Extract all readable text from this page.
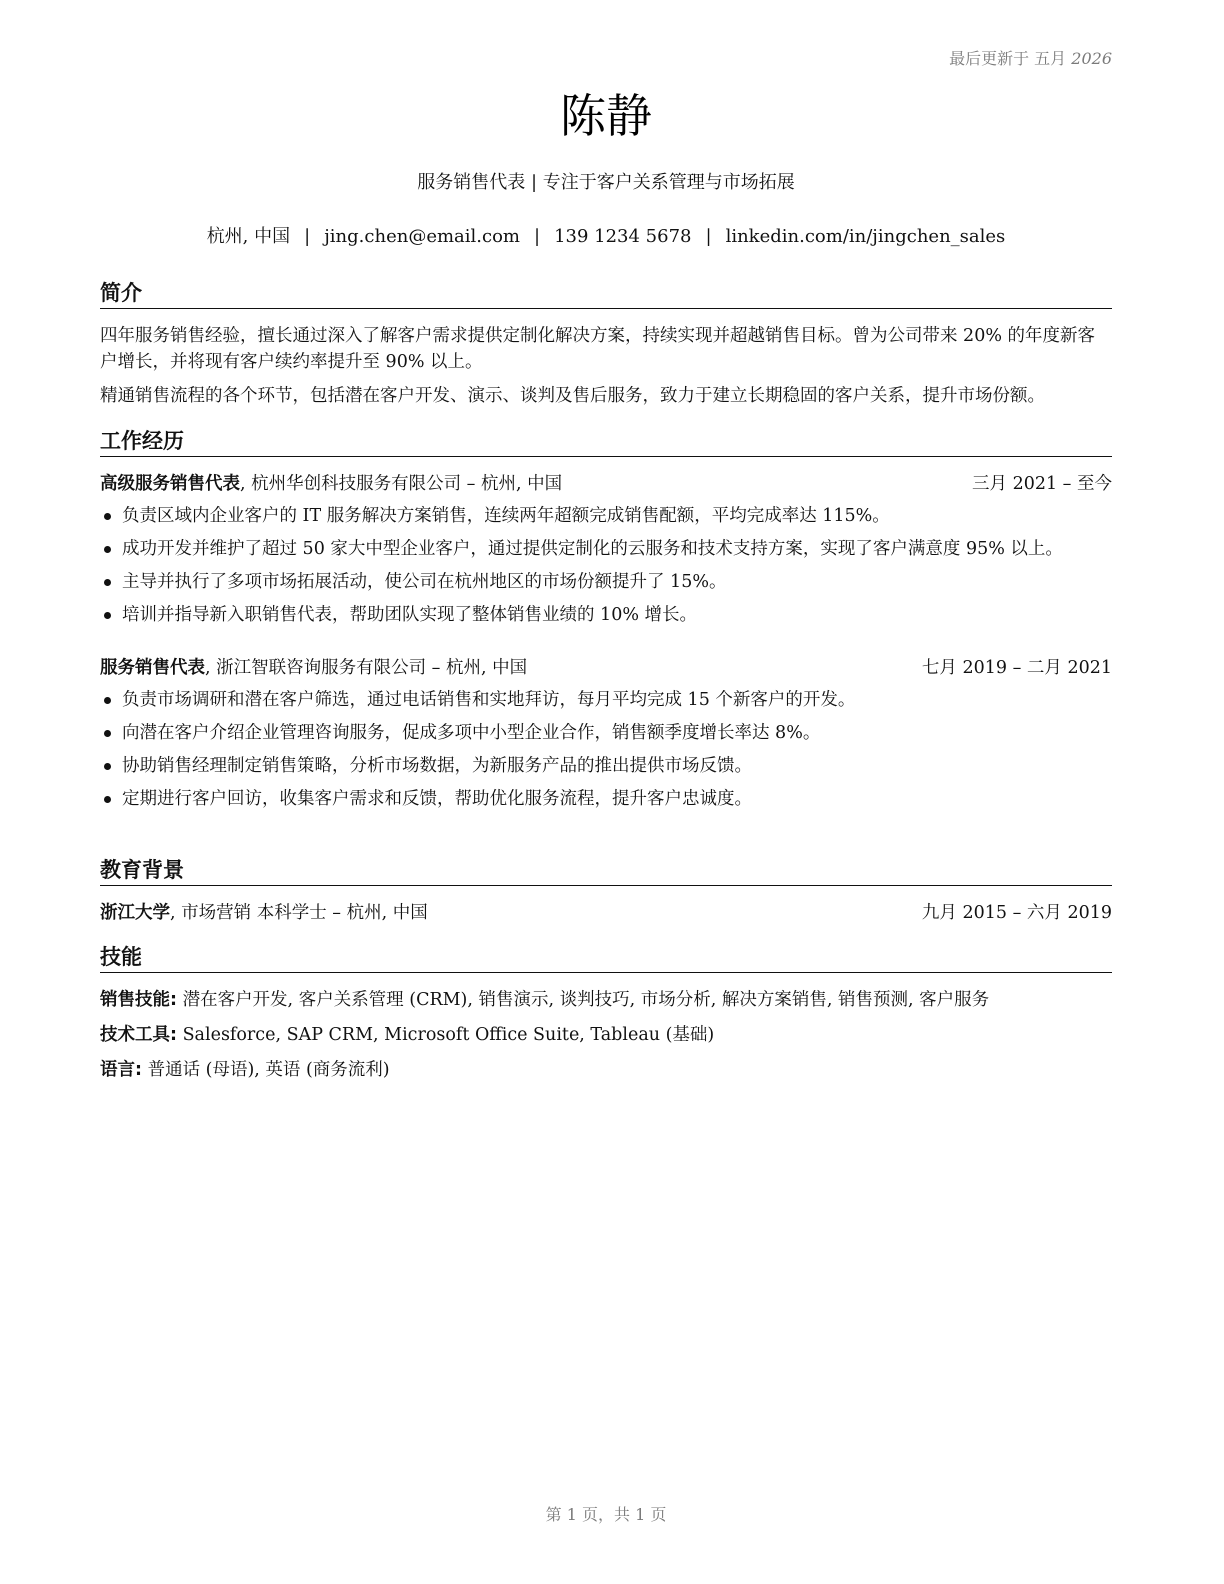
最后更新于 五月 2026
陈静
服务销售代表 | 专注于客户关系管理与市场拓展
杭州, 中国 | jing.chen@email.com | 139 1234 5678 | linkedin.com/in/jingchen_sales
简介

四年服务销售经验，擅长通过深入了解客户需求提供定制化解决方案，持续实现并超越销售目标。曾为公司带来 20% 的年度新客户增长，并将现有客户续约率提升至 90% 以上。

精通销售流程的各个环节，包括潜在客户开发、演示、谈判及售后服务，致力于建立长期稳固的客户关系，提升市场份额。

工作经历
高级服务销售代表, 杭州华创科技服务有限公司 – 杭州, 中国	三月 2021 – 至今
负责区域内企业客户的 IT 服务解决方案销售，连续两年超额完成销售配额，平均完成率达 115%。
成功开发并维护了超过 50 家大中型企业客户，通过提供定制化的云服务和技术支持方案，实现了客户满意度 95% 以上。
主导并执行了多项市场拓展活动，使公司在杭州地区的市场份额提升了 15%。
培训并指导新入职销售代表，帮助团队实现了整体销售业绩的 10% 增长。
服务销售代表, 浙江智联咨询服务有限公司 – 杭州, 中国	七月 2019 – 二月 2021
负责市场调研和潜在客户筛选，通过电话销售和实地拜访，每月平均完成 15 个新客户的开发。
向潜在客户介绍企业管理咨询服务，促成多项中小型企业合作，销售额季度增长率达 8%。
协助销售经理制定销售策略，分析市场数据，为新服务产品的推出提供市场反馈。
定期进行客户回访，收集客户需求和反馈，帮助优化服务流程，提升客户忠诚度。
教育背景
浙江大学, 市场营销 本科学士 – 杭州, 中国	九月 2015 – 六月 2019
技能

销售技能: 潜在客户开发, 客户关系管理 (CRM), 销售演示, 谈判技巧, 市场分析, 解决方案销售, 销售预测, 客户服务

技术工具: Salesforce, SAP CRM, Microsoft Office Suite, Tableau (基础)

语言: 普通话 (母语), 英语 (商务流利)

第 1 页，共 1 页
